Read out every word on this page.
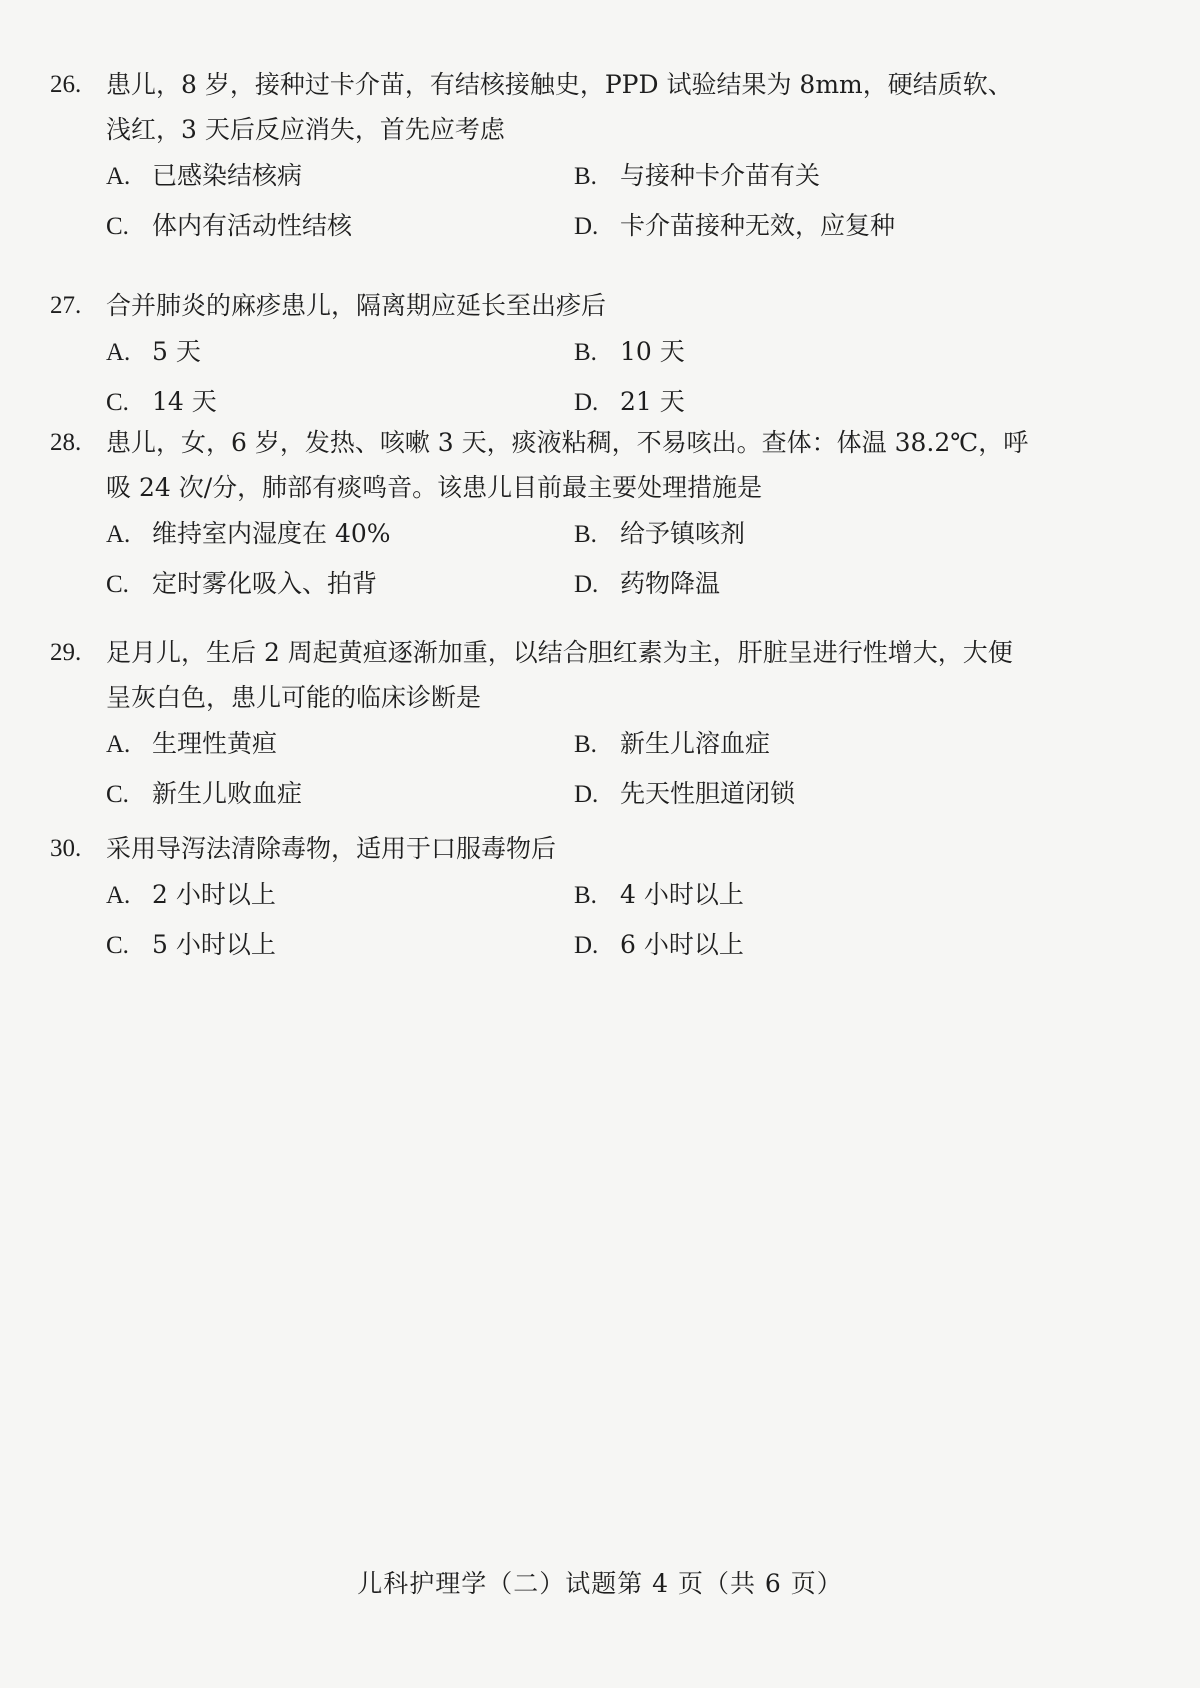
26. 患儿，8 岁，接种过卡介苗，有结核接触史，PPD 试验结果为 8mm，硬结质软、浅红，3 天后反应消失，首先应考虑
A. 已感染结核病	B. 与接种卡介苗有关
C. 体内有活动性结核	D. 卡介苗接种无效，应复种
27. 合并肺炎的麻疹患儿，隔离期应延长至出疹后
A. 5 天	B. 10 天
C. 14 天	D. 21 天
28. 患儿，女，6 岁，发热、咳嗽 3 天，痰液粘稠，不易咳出。查体：体温 38.2℃，呼吸 24 次/分，肺部有痰鸣音。该患儿目前最主要处理措施是
A. 维持室内湿度在 40%	B. 给予镇咳剂
C. 定时雾化吸入、拍背	D. 药物降温
29. 足月儿，生后 2 周起黄疸逐渐加重，以结合胆红素为主，肝脏呈进行性增大，大便呈灰白色，患儿可能的临床诊断是
A. 生理性黄疸	B. 新生儿溶血症
C. 新生儿败血症	D. 先天性胆道闭锁
30. 采用导泻法清除毒物，适用于口服毒物后
A. 2 小时以上	B. 4 小时以上
C. 5 小时以上	D. 6 小时以上
儿科护理学（二）试题第 4 页（共 6 页）
